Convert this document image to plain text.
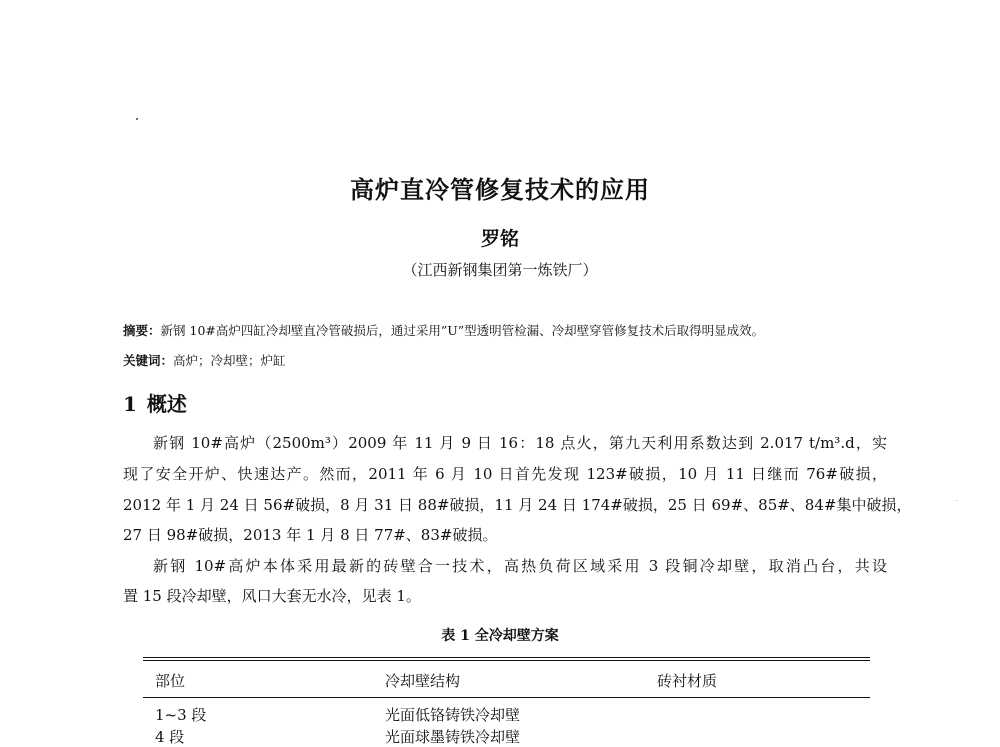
高炉直冷管修复技术的应用
罗铭
（江西新钢集团第一炼铁厂）
摘要：新钢 10#高炉四缸冷却壁直冷管破损后，通过采用”U”型透明管检漏、冷却壁穿管修复技术后取得明显成效。
关键词：高炉；冷却壁；炉缸
1 概述
新钢 10#高炉（2500m³）2009 年 11 月 9 日 16：18 点火，第九天利用系数达到 2.017 t/m³.d，实
现了安全开炉、快速达产。然而，2011 年 6 月 10 日首先发现 123#破损，10 月 11 日继而 76#破损，
2012 年 1 月 24 日 56#破损，8 月 31 日 88#破损，11 月 24 日 174#破损，25 日 69#、85#、84#集中破损，
27 日 98#破损，2013 年 1 月 8 日 77#、83#破损。
新钢 10#高炉本体采用最新的砖壁合一技术，高热负荷区域采用 3 段铜冷却壁，取消凸台，共设
置 15 段冷却壁，风口大套无水冷，见表 1。
表 1 全冷却壁方案
部位	冷却壁结构	砖衬材质
1~3 段	光面低铬铸铁冷却壁
4 段	光面球墨铸铁冷却壁
